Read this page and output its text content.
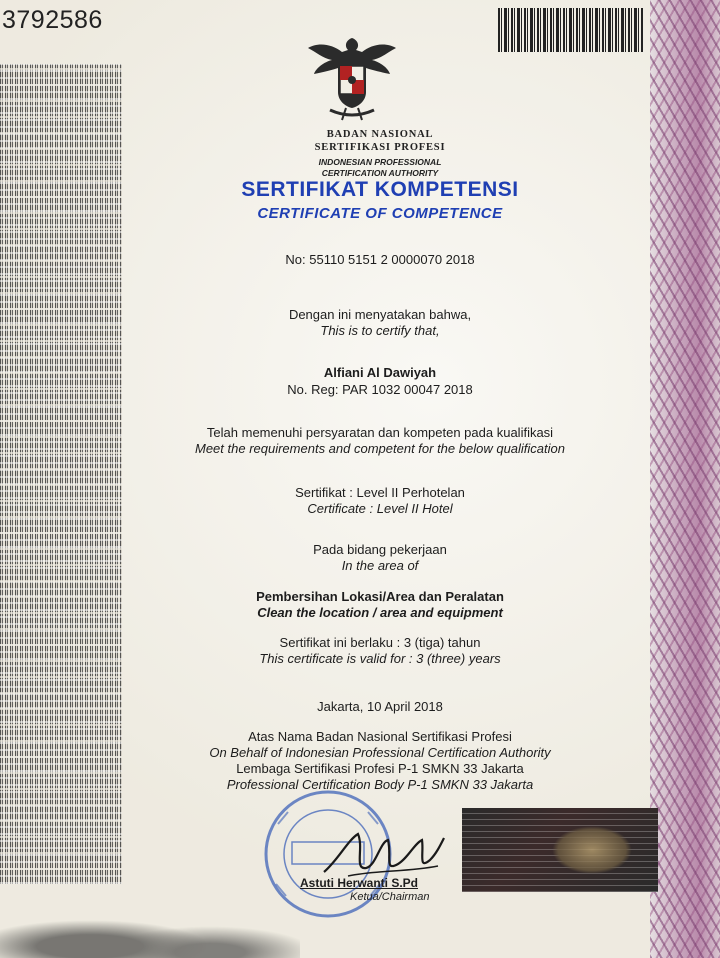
3792586
BADAN NASIONAL
SERTIFIKASI PROFESI
INDONESIAN PROFESSIONAL
CERTIFICATION AUTHORITY
SERTIFIKAT KOMPETENSI
CERTIFICATE OF COMPETENCE
No: 55110 5151 2 0000070 2018
Dengan ini menyatakan bahwa,
This is to certify that,
Alfiani Al Dawiyah
No. Reg: PAR 1032 00047 2018
Telah memenuhi persyaratan dan kompeten pada kualifikasi
Meet the requirements and competent for the below qualification
Sertifikat : Level II Perhotelan
Certificate : Level II Hotel
Pada bidang pekerjaan
In the area of
Pembersihan Lokasi/Area dan Peralatan
Clean the location / area and equipment
Sertifikat ini berlaku : 3 (tiga) tahun
This certificate is valid for : 3 (three) years
Jakarta, 10 April 2018
Atas Nama Badan Nasional Sertifikasi Profesi
On Behalf of Indonesian Professional Certification Authority
Lembaga Sertifikasi Profesi P-1 SMKN 33 Jakarta
Professional Certification Body P-1 SMKN 33 Jakarta
Astuti Herwanti S.Pd
Ketua/Chairman
